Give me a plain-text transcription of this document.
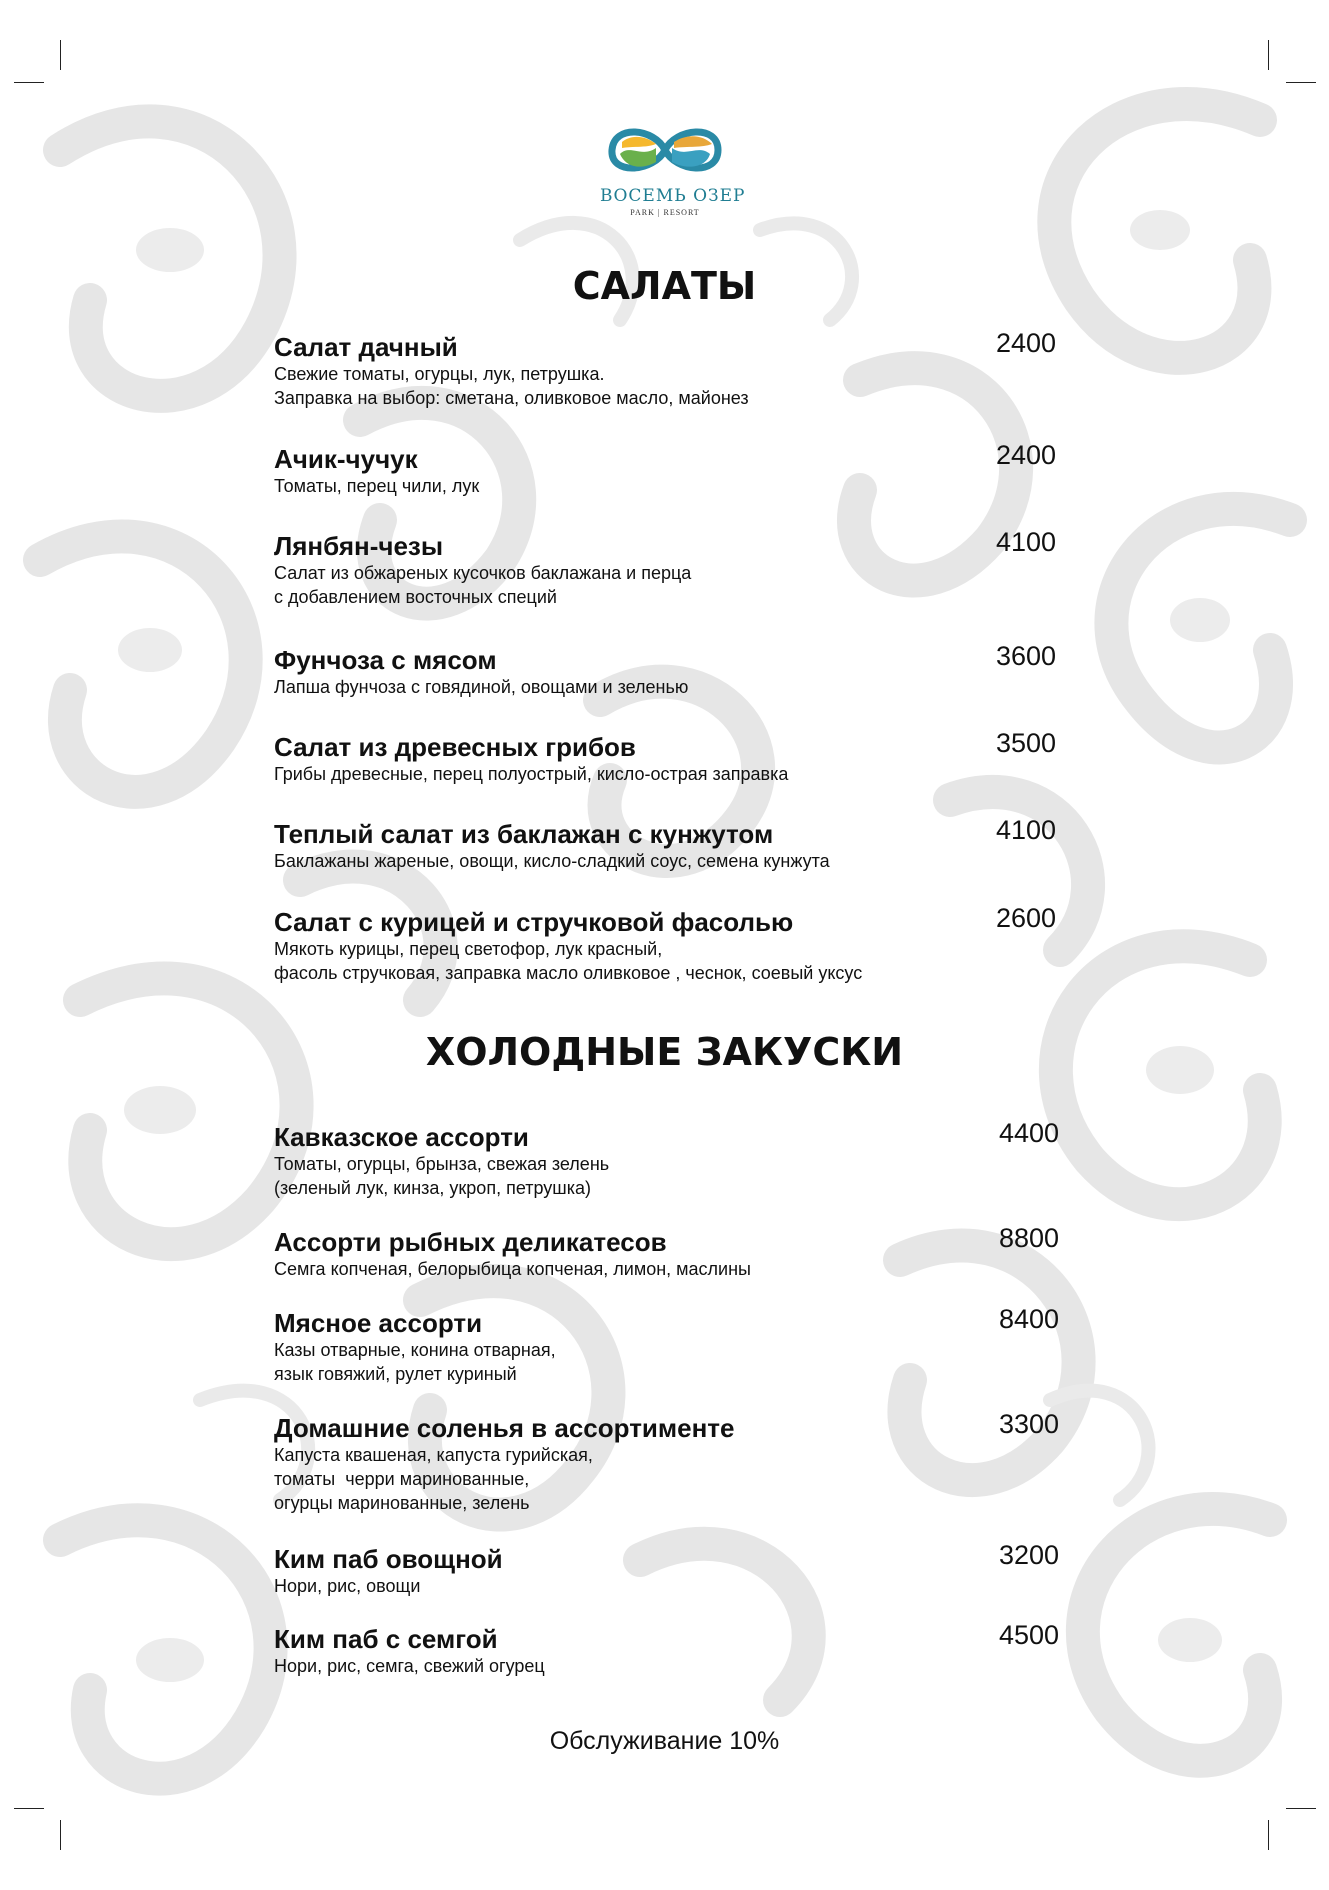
ВОСЕМЬ ОЗЕР
PARK | RESORT
САЛАТЫ
Салат дачный
Свежие томаты, огурцы, лук, петрушка.
Заправка на выбор: сметана, оливковое масло, майонез
2400
Ачик-чучук
Томаты, перец чили, лук
2400
Лянбян-чезы
Салат из обжареных кусочков баклажана и перца
с добавлением восточных специй
4100
Фунчоза с мясом
Лапша фунчоза с говядиной, овощами и зеленью
3600
Салат из древесных грибов
Грибы древесные, перец полуострый, кисло-острая заправка
3500
Теплый салат из баклажан с кунжутом
Баклажаны жареные, овощи, кисло-сладкий соус, семена кунжута
4100
Салат с курицей и стручковой фасолью
Мякоть курицы, перец светофор, лук красный,
фасоль стручковая, заправка масло оливковое , чеснок, соевый уксус
2600
ХОЛОДНЫЕ ЗАКУСКИ
Кавказское ассорти
Томаты, огурцы, брынза, свежая зелень
(зеленый лук, кинза, укроп, петрушка)
4400
Ассорти рыбных деликатесов
Семга копченая, белорыбица копченая, лимон, маслины
8800
Мясное ассорти
Казы отварные, конина отварная,
язык говяжий, рулет куриный
8400
Домашние соленья в ассортименте
Капуста квашеная, капуста гурийская,
томаты  черри маринованные,
огурцы маринованные, зелень
3300
Ким паб овощной
Нори, рис, овощи
3200
Ким паб с семгой
Нори, рис, семга, свежий огурец
4500
Обслуживание 10%
